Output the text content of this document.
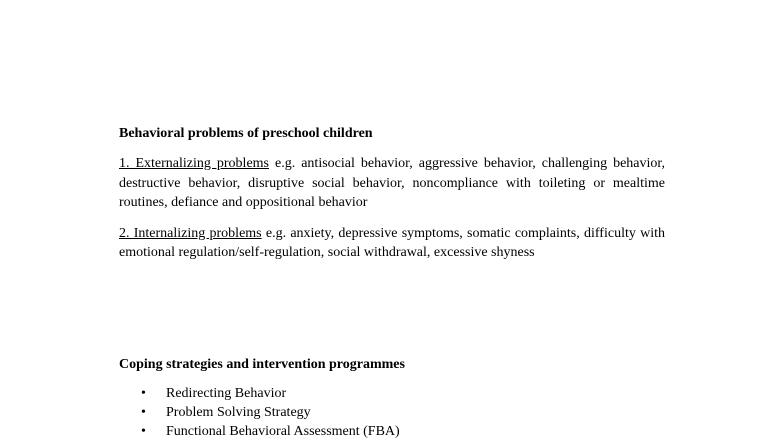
Behavioral problems of preschool children

1. Externalizing problems e.g. antisocial behavior, aggressive behavior, challenging behavior, destructive behavior, disruptive social behavior, noncompliance with toileting or mealtime routines, defiance and oppositional behavior

2. Internalizing problems e.g. anxiety, depressive symptoms, somatic complaints, difficulty with emotional regulation/self-regulation, social withdrawal, excessive shyness

Coping strategies and intervention programmes

• Redirecting Behavior
• Problem Solving Strategy
• Functional Behavioral Assessment (FBA)
